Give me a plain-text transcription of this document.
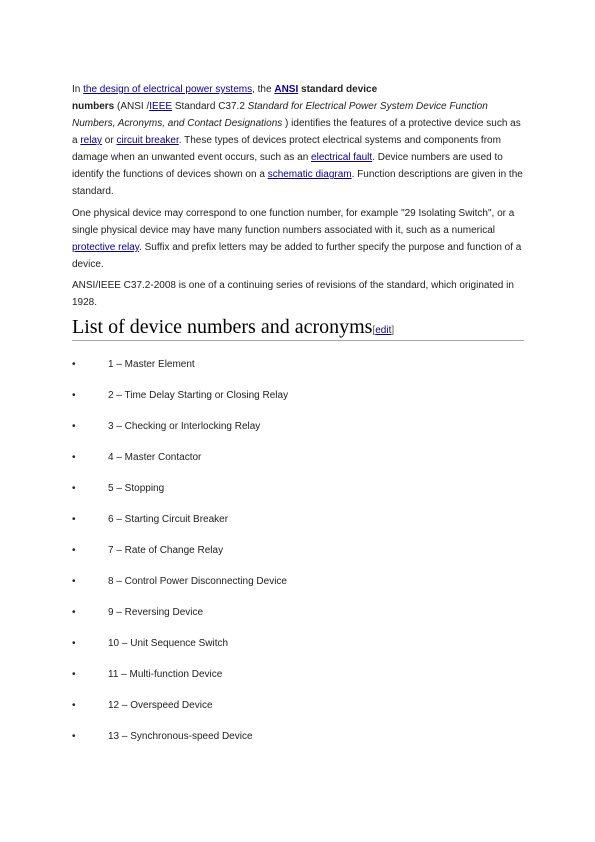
In the design of electrical power systems, the ANSI standard device
numbers (ANSI /IEEE Standard C37.2 Standard for Electrical Power System Device Function Numbers, Acronyms, and Contact Designations ) identifies the features of a protective device such as a relay or circuit breaker. These types of devices protect electrical systems and components from damage when an unwanted event occurs, such as an electrical fault. Device numbers are used to identify the functions of devices shown on a schematic diagram. Function descriptions are given in the standard.
One physical device may correspond to one function number, for example "29 Isolating Switch", or a single physical device may have many function numbers associated with it, such as a numerical protective relay. Suffix and prefix letters may be added to further specify the purpose and function of a device.
ANSI/IEEE C37.2-2008 is one of a continuing series of revisions of the standard, which originated in 1928.
List of device numbers and acronyms[edit]
•	1 – Master Element
•	2 – Time Delay Starting or Closing Relay
•	3 – Checking or Interlocking Relay
•	4 – Master Contactor
•	5 – Stopping
•	6 – Starting Circuit Breaker
•	7 – Rate of Change Relay
•	8 – Control Power Disconnecting Device
•	9 – Reversing Device
•	10 – Unit Sequence Switch
•	11 – Multi-function Device
•	12 – Overspeed Device
•	13 – Synchronous-speed Device
